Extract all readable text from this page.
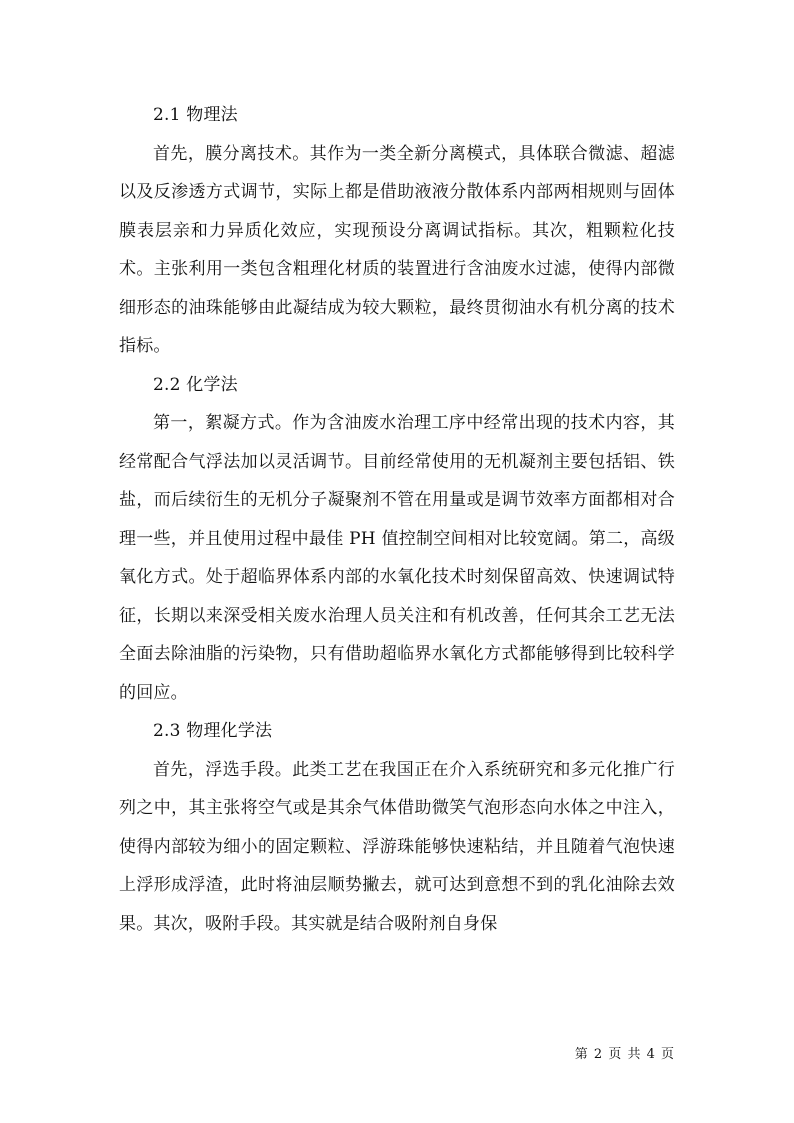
2.1 物理法

首先，膜分离技术。其作为一类全新分离模式，具体联合微滤、超滤以及反渗透方式调节，实际上都是借助液液分散体系内部两相规则与固体膜表层亲和力异质化效应，实现预设分离调试指标。其次，粗颗粒化技术。主张利用一类包含粗理化材质的装置进行含油废水过滤，使得内部微细形态的油珠能够由此凝结成为较大颗粒，最终贯彻油水有机分离的技术指标。

2.2 化学法

第一，絮凝方式。作为含油废水治理工序中经常出现的技术内容，其经常配合气浮法加以灵活调节。目前经常使用的无机凝剂主要包括铝、铁盐，而后续衍生的无机分子凝聚剂不管在用量或是调节效率方面都相对合理一些，并且使用过程中最佳 PH 值控制空间相对比较宽阔。第二，高级氧化方式。处于超临界体系内部的水氧化技术时刻保留高效、快速调试特征，长期以来深受相关废水治理人员关注和有机改善，任何其余工艺无法全面去除油脂的污染物，只有借助超临界水氧化方式都能够得到比较科学的回应。

2.3 物理化学法

首先，浮选手段。此类工艺在我国正在介入系统研究和多元化推广行列之中，其主张将空气或是其余气体借助微笑气泡形态向水体之中注入，使得内部较为细小的固定颗粒、浮游珠能够快速粘结，并且随着气泡快速上浮形成浮渣，此时将油层顺势撇去，就可达到意想不到的乳化油除去效果。其次，吸附手段。其实就是结合吸附剂自身保

第 2 页 共 4 页
